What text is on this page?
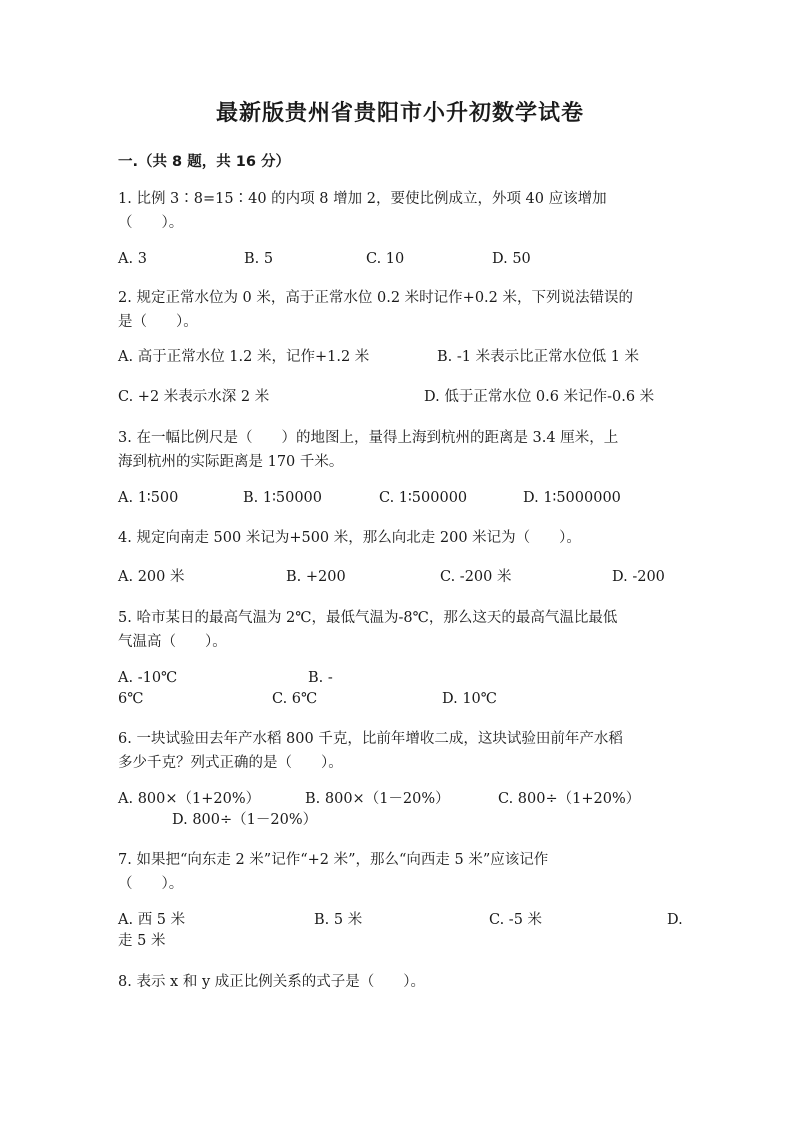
最新版贵州省贵阳市小升初数学试卷
一.（共 8 题，共 16 分）
1. 比例 3∶8=15∶40 的内项 8 增加 2，要使比例成立，外项 40 应该增加
（　　）。
A. 3	B. 5	C. 10	D. 50
2. 规定正常水位为 0 米，高于正常水位 0.2 米时记作+0.2 米，下列说法错误的
是（　　）。
A. 高于正常水位 1.2 米，记作+1.2 米	B. -1 米表示比正常水位低 1 米
C. +2 米表示水深 2 米	D. 低于正常水位 0.6 米记作-0.6 米
3. 在一幅比例尺是（　　）的地图上，量得上海到杭州的距离是 3.4 厘米，上
海到杭州的实际距离是 170 千米。
A. 1∶500	B. 1∶50000	C. 1∶500000	D. 1∶5000000
4. 规定向南走 500 米记为+500 米，那么向北走 200 米记为（　　）。
A. 200 米	B. +200	C. -200 米	D. -200
5. 哈市某日的最高气温为 2℃，最低气温为-8℃，那么这天的最高气温比最低
气温高（　　）。
A. -10℃	B. -
6℃	C. 6℃	D. 10℃
6. 一块试验田去年产水稻 800 千克，比前年增收二成，这块试验田前年产水稻
多少千克？列式正确的是（　　）。
A. 800×（1+20%）	B. 800×（1－20%）	C. 800÷（1+20%）
D. 800÷（1－20%）
7. 如果把“向东走 2 米”记作“+2 米”，那么“向西走 5 米”应该记作
（　　）。
A. 西 5 米	B. 5 米	C. -5 米	D.
走 5 米
8. 表示 x 和 y 成正比例关系的式子是（　　）。
